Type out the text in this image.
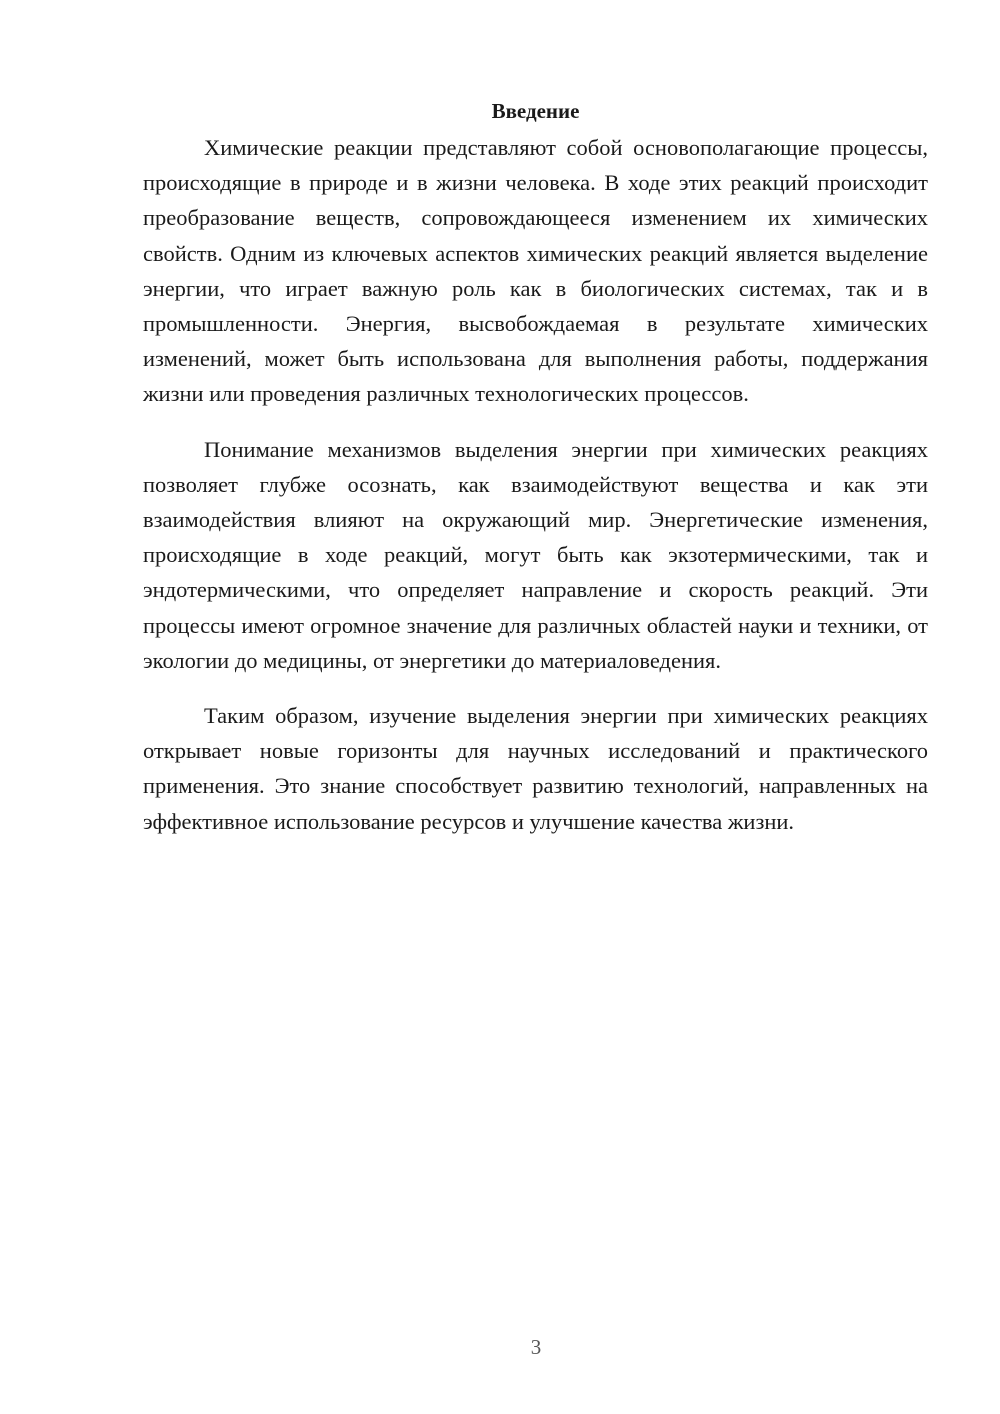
Введение

Химические реакции представляют собой основополагающие процессы, происходящие в природе и в жизни человека. В ходе этих реакций происходит преобразование веществ, сопровождающееся изменением их химических свойств. Одним из ключевых аспектов химических реакций является выделение энергии, что играет важную роль как в биологических системах, так и в промышленности. Энергия, высвобождаемая в результате химических изменений, может быть использована для выполнения работы, поддержания жизни или проведения различных технологических процессов.

Понимание механизмов выделения энергии при химических реакциях позволяет глубже осознать, как взаимодействуют вещества и как эти взаимодействия влияют на окружающий мир. Энергетические изменения, происходящие в ходе реакций, могут быть как экзотермическими, так и эндотермическими, что определяет направление и скорость реакций. Эти процессы имеют огромное значение для различных областей науки и техники, от экологии до медицины, от энергетики до материаловедения.

Таким образом, изучение выделения энергии при химических реакциях открывает новые горизонты для научных исследований и практического применения. Это знание способствует развитию технологий, направленных на эффективное использование ресурсов и улучшение качества жизни.

3
